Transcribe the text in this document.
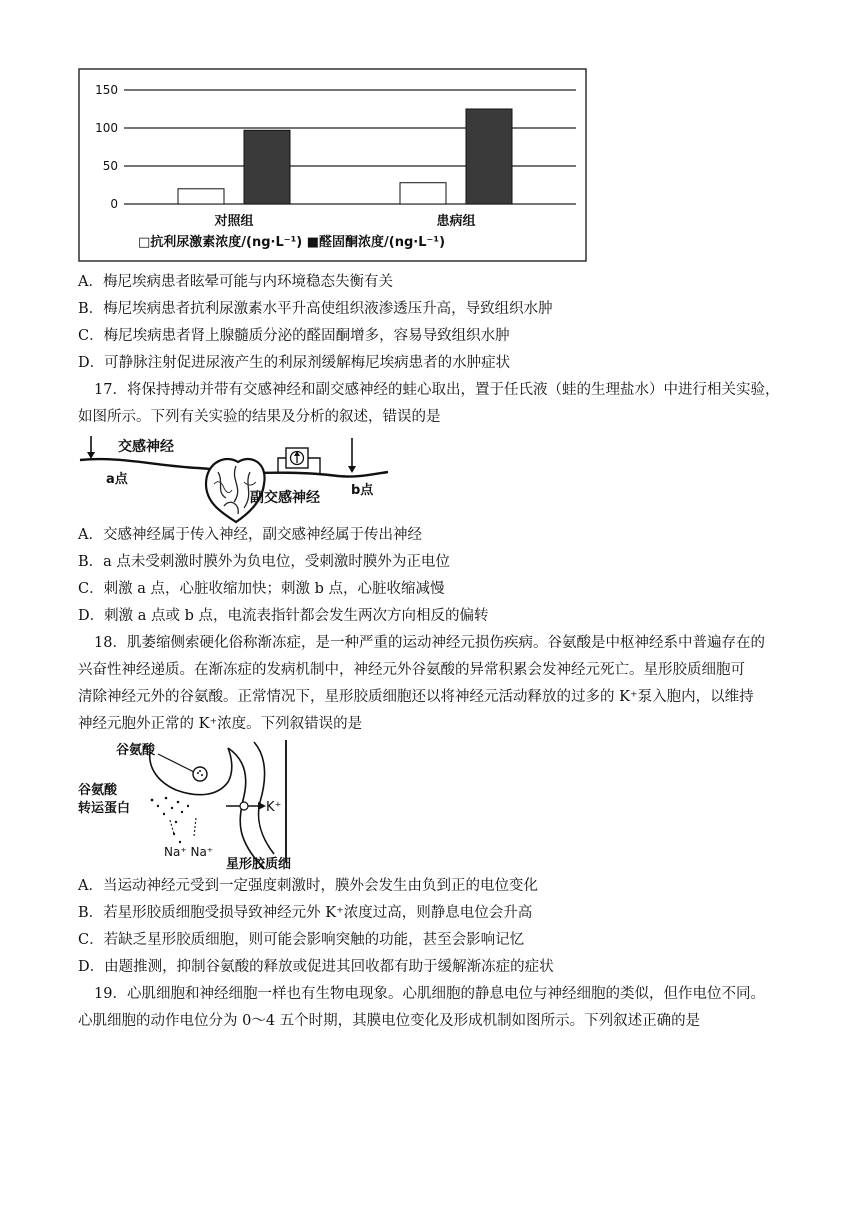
150
100
50
0
对照组	患病组
□抗利尿激素浓度/(ng·L⁻¹) ■醛固酮浓度/(ng·L⁻¹)
A．梅尼埃病患者眩晕可能与内环境稳态失衡有关
B．梅尼埃病患者抗利尿激素水平升高使组织液渗透压升高，导致组织水肿
C．梅尼埃病患者肾上腺髓质分泌的醛固酮增多，容易导致组织水肿
D．可静脉注射促进尿液产生的利尿剂缓解梅尼埃病患者的水肿症状
17．将保持搏动并带有交感神经和副交感神经的蛙心取出，置于任氏液（蛙的生理盐水）中进行相关实验，
如图所示。下列有关实验的结果及分析的叙述，错误的是
交感神经
a点
b点
副交感神经
A．交感神经属于传入神经，副交感神经属于传出神经
B．a 点未受刺激时膜外为负电位，受刺激时膜外为正电位
C．刺激 a 点，心脏收缩加快；刺激 b 点，心脏收缩减慢
D．刺激 a 点或 b 点，电流表指针都会发生两次方向相反的偏转
18．肌萎缩侧索硬化俗称渐冻症，是一种严重的运动神经元损伤疾病。谷氨酸是中枢神经系中普遍存在的
兴奋性神经递质。在渐冻症的发病机制中，神经元外谷氨酸的异常积累会发神经元死亡。星形胶质细胞可
清除神经元外的谷氨酸。正常情况下，星形胶质细胞还以将神经元活动释放的过多的 K⁺泵入胞内，以维持
神经元胞外正常的 K⁺浓度。下列叙错误的是
谷氨酸
谷氨酸
转运蛋白	K⁺
Na⁺ Na⁺
星形胶质细
A．当运动神经元受到一定强度刺激时，膜外会发生由负到正的电位变化
B．若星形胶质细胞受损导致神经元外 K⁺浓度过高，则静息电位会升高
C．若缺乏星形胶质细胞，则可能会影响突触的功能，甚至会影响记忆
D．由题推测，抑制谷氨酸的释放或促进其回收都有助于缓解渐冻症的症状
19．心肌细胞和神经细胞一样也有生物电现象。心肌细胞的静息电位与神经细胞的类似，但作电位不同。
心肌细胞的动作电位分为 0～4 五个时期，其膜电位变化及形成机制如图所示。下列叙述正确的是
